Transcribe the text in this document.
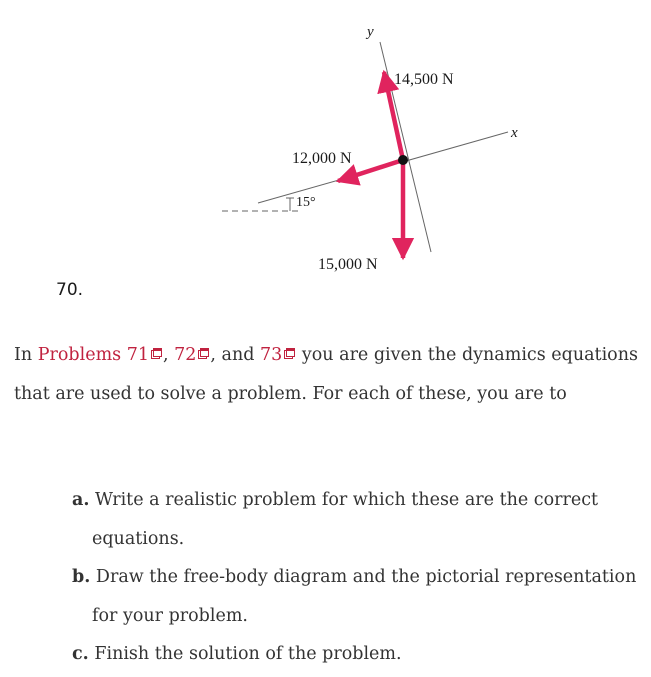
y
x
14,500 N
12,000 N
15,000 N
15°
70.
In Problems 71 , 72 , and 73 you are given the dynamics equations that are used to solve a problem. For each of these, you are to
a. Write a realistic problem for which these are the correct equations.
b. Draw the free-body diagram and the pictorial representation for your problem.
c. Finish the solution of the problem.
